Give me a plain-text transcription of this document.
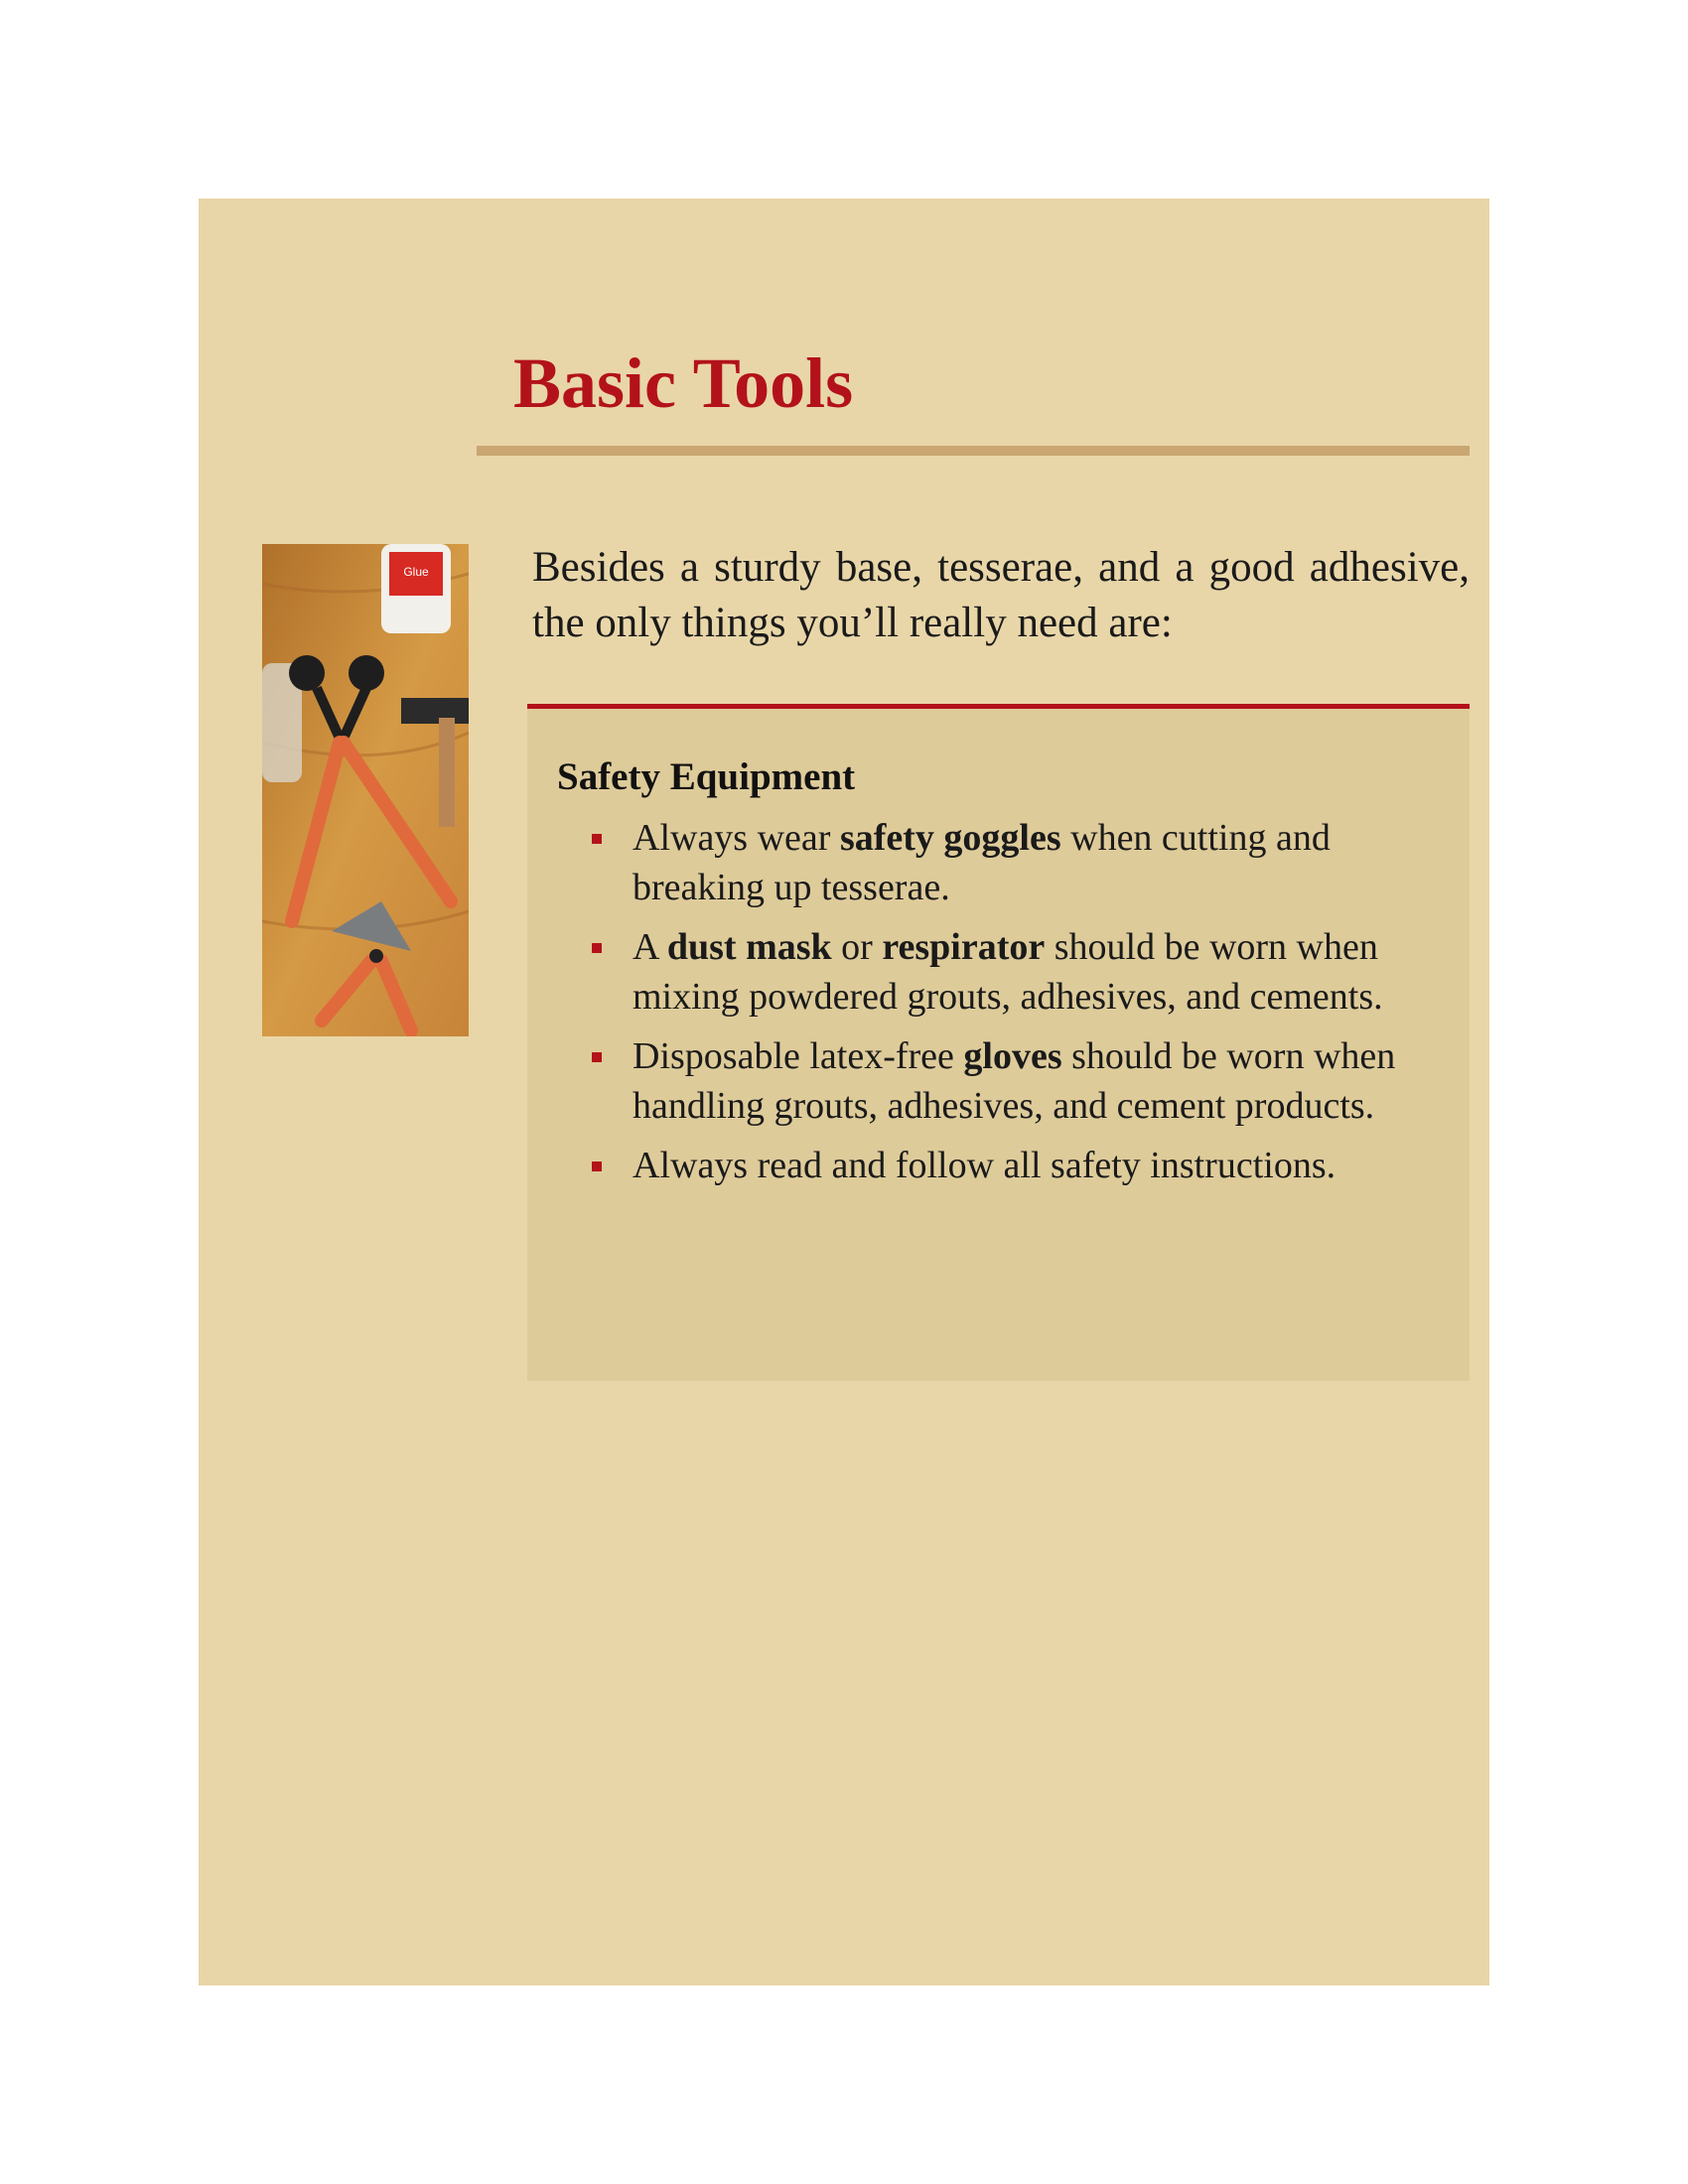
Basic Tools
Glue Besides a sturdy base, tesserae, and a good adhesive, the only things you’ll really need are:

Safety Equipment
Always wear safety goggles when cutting and breaking up tesserae.
A dust mask or respirator should be worn when mixing powdered grouts, adhesives, and cements.
Disposable latex-free gloves should be worn when handling grouts, adhesives, and cement products.
Always read and follow all safety instructions.
